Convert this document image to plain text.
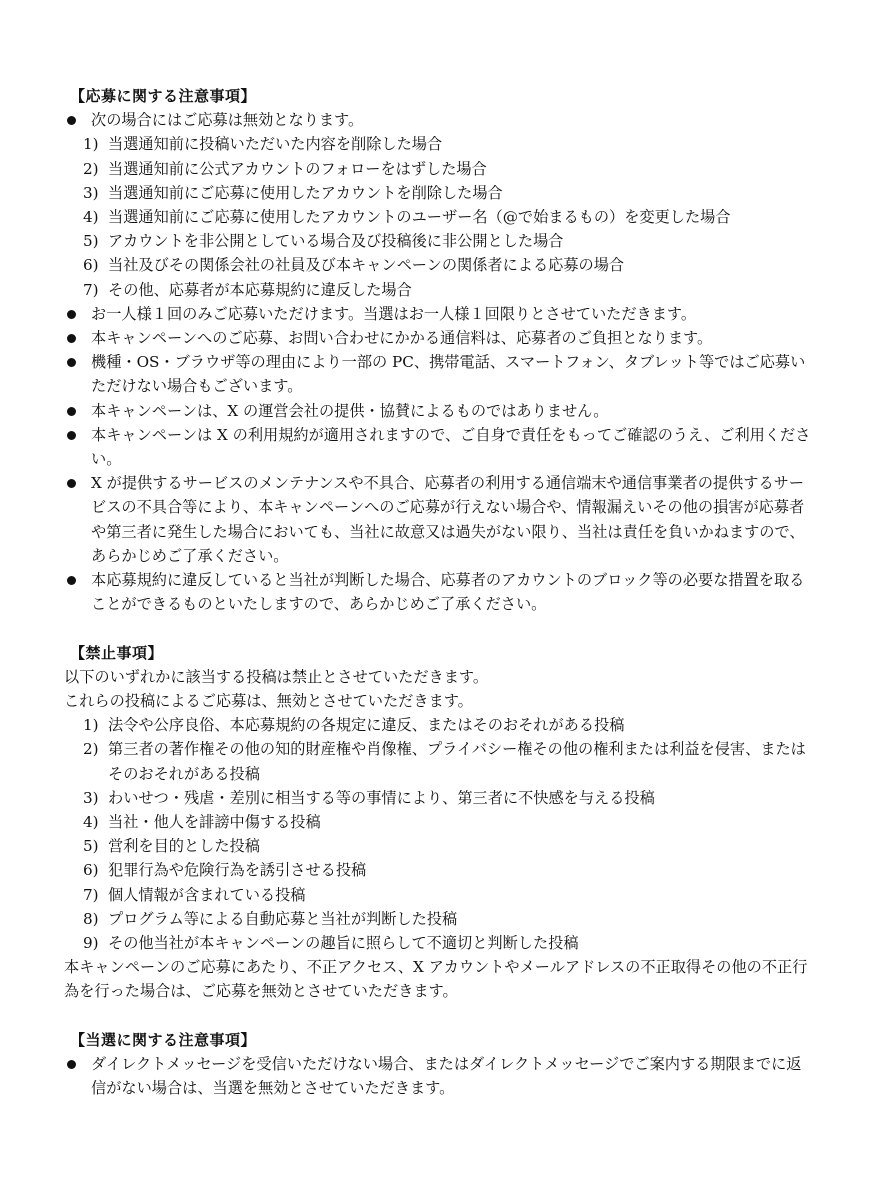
【応募に関する注意事項】
次の場合にはご応募は無効となります。
1) 当選通知前に投稿いただいた内容を削除した場合
2) 当選通知前に公式アカウントのフォローをはずした場合
3) 当選通知前にご応募に使用したアカウントを削除した場合
4) 当選通知前にご応募に使用したアカウントのユーザー名（@で始まるもの）を変更した場合
5) アカウントを非公開としている場合及び投稿後に非公開とした場合
6) 当社及びその関係会社の社員及び本キャンペーンの関係者による応募の場合
7) その他、応募者が本応募規約に違反した場合
お一人様１回のみご応募いただけます。当選はお一人様１回限りとさせていただきます。
本キャンペーンへのご応募、お問い合わせにかかる通信料は、応募者のご負担となります。
機種・OS・ブラウザ等の理由により一部の PC、携帯電話、スマートフォン、タブレット等ではご応募いただけない場合もございます。
本キャンペーンは、X の運営会社の提供・協賛によるものではありません。
本キャンペーンは X の利用規約が適用されますので、ご自身で責任をもってご確認のうえ、ご利用ください。
X が提供するサービスのメンテナンスや不具合、応募者の利用する通信端末や通信事業者の提供するサービスの不具合等により、本キャンペーンへのご応募が行えない場合や、情報漏えいその他の損害が応募者や第三者に発生した場合においても、当社に故意又は過失がない限り、当社は責任を負いかねますので、あらかじめご了承ください。
本応募規約に違反していると当社が判断した場合、応募者のアカウントのブロック等の必要な措置を取ることができるものといたしますので、あらかじめご了承ください。
【禁止事項】

以下のいずれかに該当する投稿は禁止とさせていただきます。

これらの投稿によるご応募は、無効とさせていただきます。

1) 法令や公序良俗、本応募規約の各規定に違反、またはそのおそれがある投稿
2) 第三者の著作権その他の知的財産権や肖像権、プライバシー権その他の権利または利益を侵害、またはそのおそれがある投稿
3) わいせつ・残虐・差別に相当する等の事情により、第三者に不快感を与える投稿
4) 当社・他人を誹謗中傷する投稿
5) 営利を目的とした投稿
6) 犯罪行為や危険行為を誘引させる投稿
7) 個人情報が含まれている投稿
8) プログラム等による自動応募と当社が判断した投稿
9) その他当社が本キャンペーンの趣旨に照らして不適切と判断した投稿

本キャンペーンのご応募にあたり、不正アクセス、X アカウントやメールアドレスの不正取得その他の不正行為を行った場合は、ご応募を無効とさせていただきます。

【当選に関する注意事項】
ダイレクトメッセージを受信いただけない場合、またはダイレクトメッセージでご案内する期限までに返信がない場合は、当選を無効とさせていただきます。
